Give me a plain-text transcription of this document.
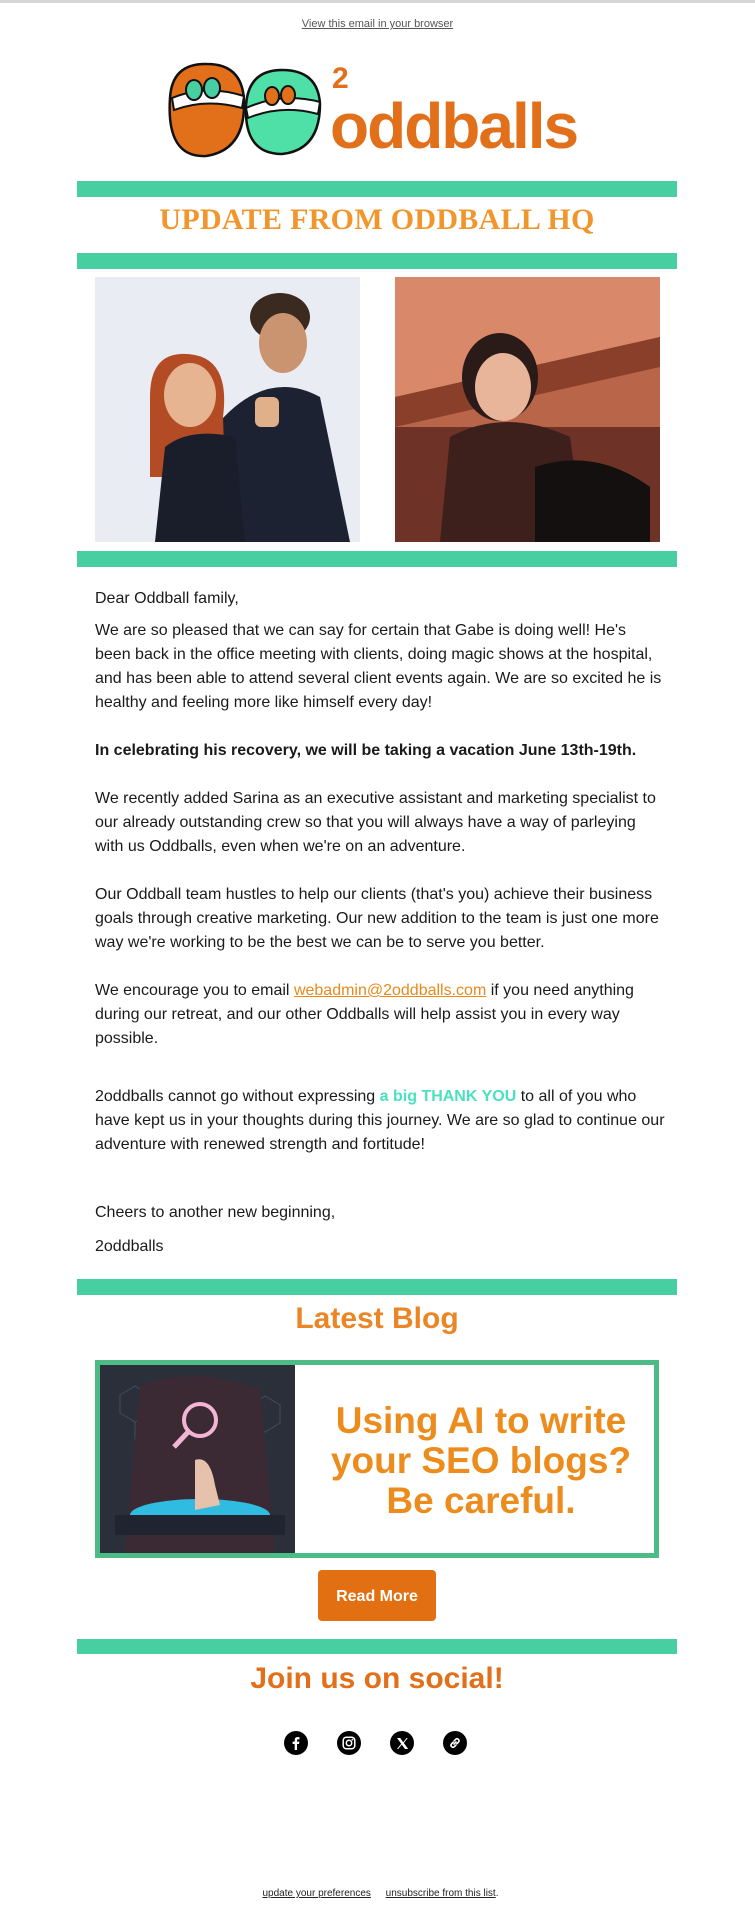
View this email in your browser
2
oddballs
UPDATE FROM ODDBALL HQ
Dear Oddball family,

We are so pleased that we can say for certain that Gabe is doing well! He's been back in the office meeting with clients, doing magic shows at the hospital, and has been able to attend several client events again. We are so excited he is healthy and feeling more like himself every day!

In celebrating his recovery, we will be taking a vacation June 13th-19th.

We recently added Sarina as an executive assistant and marketing specialist to our already outstanding crew so that you will always have a way of parleying with us Oddballs, even when we're on an adventure.

Our Oddball team hustles to help our clients (that's you) achieve their business goals through creative marketing. Our new addition to the team is just one more way we're working to be the best we can be to serve you better.

We encourage you to email webadmin@2oddballs.com if you need anything during our retreat, and our other Oddballs will help assist you in every way possible.

2oddballs cannot go without expressing a big THANK YOU to all of you who have kept us in your thoughts during this journey. We are so glad to continue our adventure with renewed strength and fortitude!

Cheers to another new beginning,
2oddballs
Latest Blog
Using AI to write your SEO blogs? Be careful.
Read More
Join us on social!
update your preferences unsubscribe from this list.
